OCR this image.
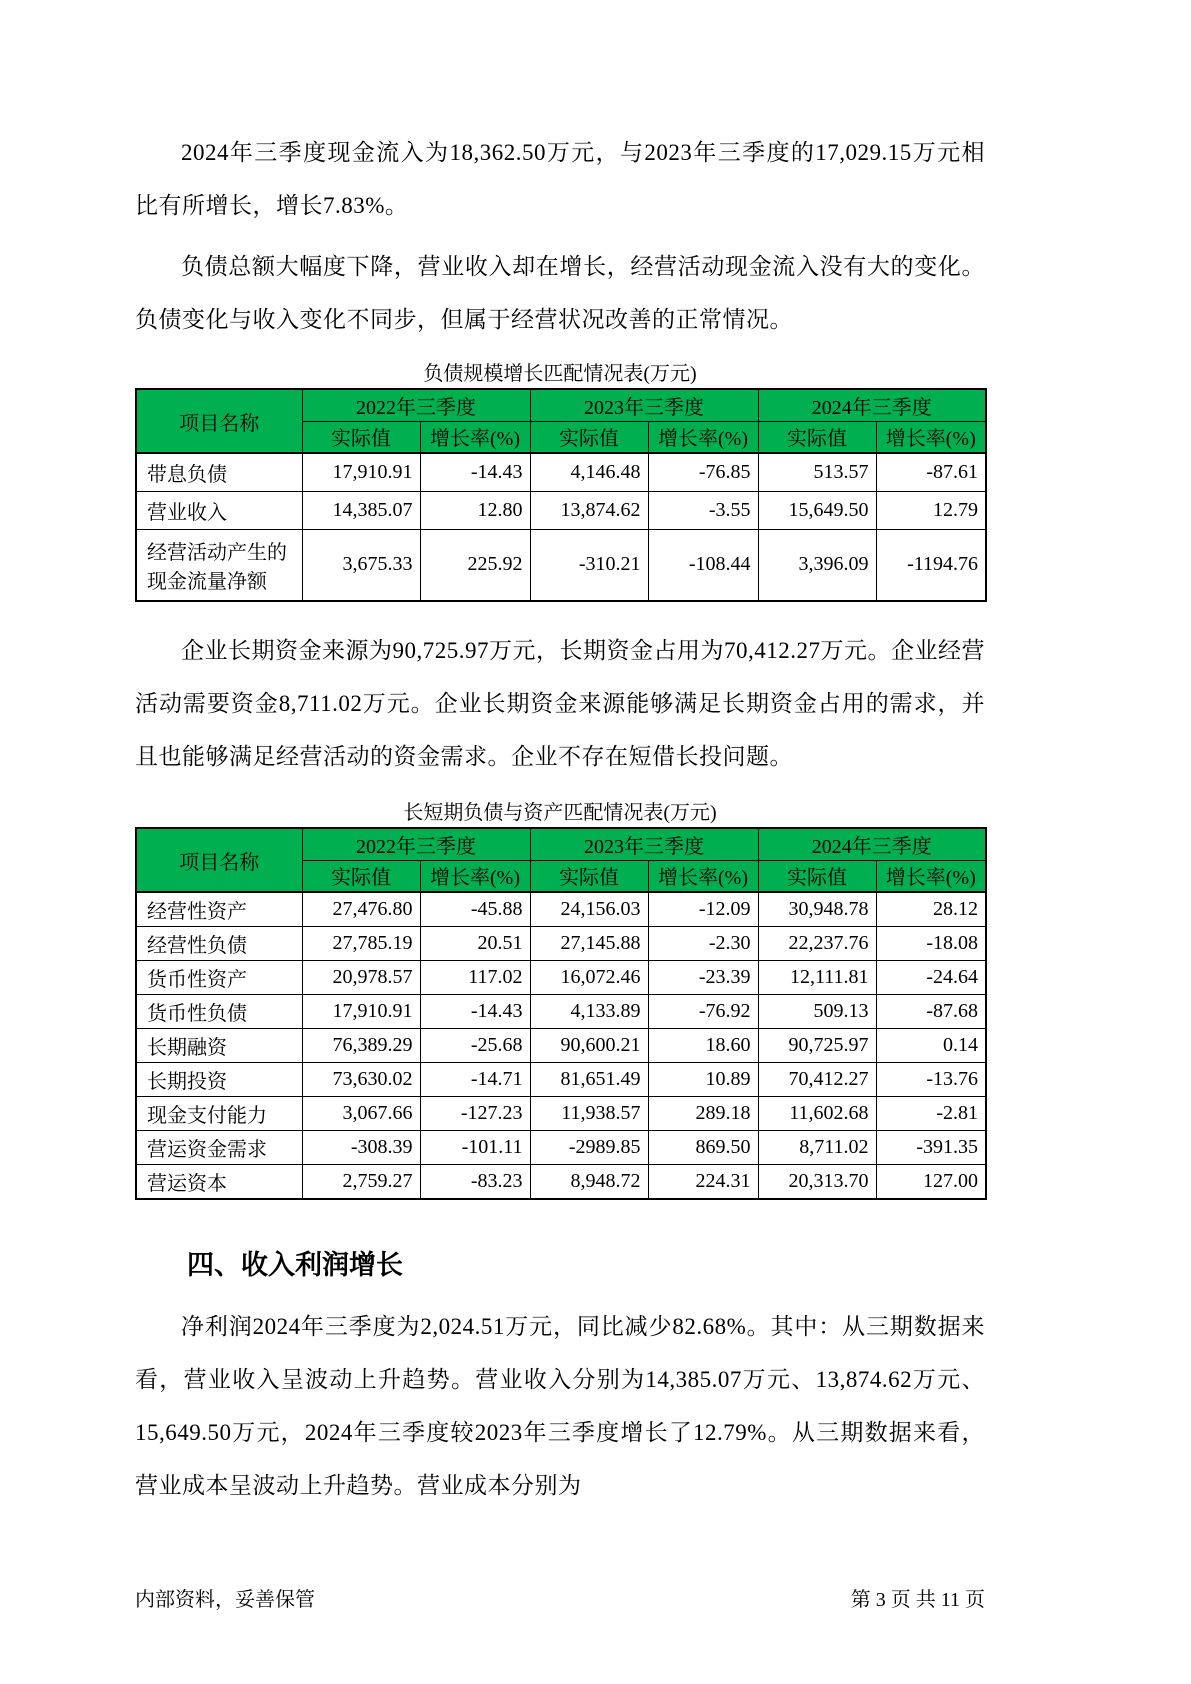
2024年三季度现金流入为18,362.50万元，与2023年三季度的17,029.15万元相比有所增长，增长7.83%。

负债总额大幅度下降，营业收入却在增长，经营活动现金流入没有大的变化。负债变化与收入变化不同步，但属于经营状况改善的正常情况。

负债规模增长匹配情况表(万元)
项目名称	2022年三季度		2023年三季度		2024年三季度	
	实际值	增长率(%)	实际值	增长率(%)	实际值	增长率(%)
带息负债	17,910.91	-14.43	4,146.48	-76.85	513.57	-87.61
营业收入	14,385.07	12.80	13,874.62	-3.55	15,649.50	12.79
经营活动产生的现金流量净额	3,675.33	225.92	-310.21	-108.44	3,396.09	-1194.76

企业长期资金来源为90,725.97万元，长期资金占用为70,412.27万元。企业经营活动需要资金8,711.02万元。企业长期资金来源能够满足长期资金占用的需求，并且也能够满足经营活动的资金需求。企业不存在短借长投问题。

长短期负债与资产匹配情况表(万元)
项目名称	2022年三季度		2023年三季度		2024年三季度	
	实际值	增长率(%)	实际值	增长率(%)	实际值	增长率(%)
经营性资产	27,476.80	-45.88	24,156.03	-12.09	30,948.78	28.12
经营性负债	27,785.19	20.51	27,145.88	-2.30	22,237.76	-18.08
货币性资产	20,978.57	117.02	16,072.46	-23.39	12,111.81	-24.64
货币性负债	17,910.91	-14.43	4,133.89	-76.92	509.13	-87.68
长期融资	76,389.29	-25.68	90,600.21	18.60	90,725.97	0.14
长期投资	73,630.02	-14.71	81,651.49	10.89	70,412.27	-13.76
现金支付能力	3,067.66	-127.23	11,938.57	289.18	11,602.68	-2.81
营运资金需求	-308.39	-101.11	-2989.85	869.50	8,711.02	-391.35
营运资本	2,759.27	-83.23	8,948.72	224.31	20,313.70	127.00
四、收入利润增长

净利润2024年三季度为2,024.51万元，同比减少82.68%。其中：从三期数据来看，营业收入呈波动上升趋势。营业收入分别为14,385.07万元、13,874.62万元、15,649.50万元，2024年三季度较2023年三季度增长了12.79%。从三期数据来看，营业成本呈波动上升趋势。营业成本分别为

内部资料，妥善保管	第 3 页 共 11 页
